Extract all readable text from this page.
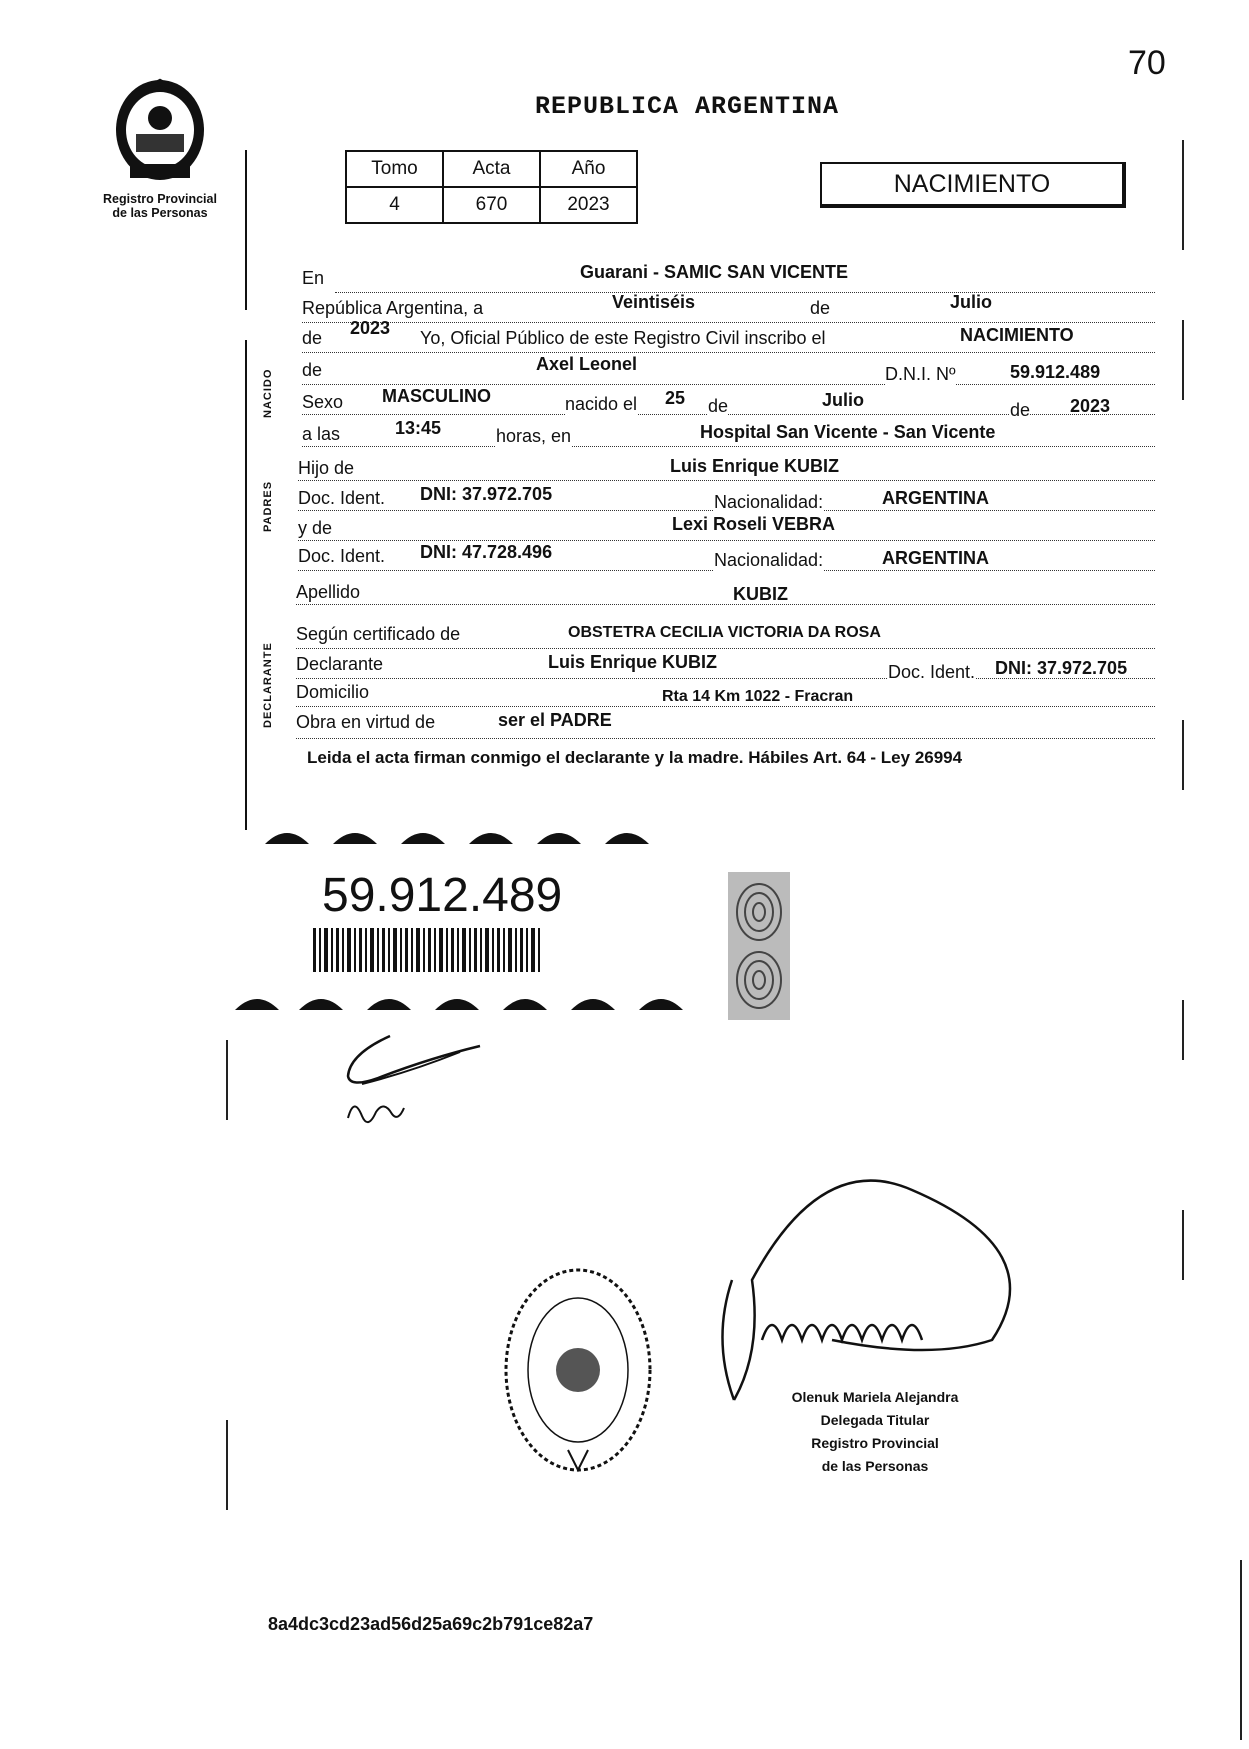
70
Registro Provincial
de las Personas
REPUBLICA ARGENTINA
Tomo	Acta	Año
4	670	2023
NACIMIENTO
En	Guarani - SAMIC SAN VICENTE
República Argentina, a	Veintiséis	de	Julio
de 2023 Yo, Oficial Público de este Registro Civil inscribo el	NACIMIENTO
NACIDO de	Axel Leonel	D.N.I. Nº	59.912.489
Sexo MASCULINO	nacido el 25 de	Julio	de 2023
a las	13:45	horas, en	Hospital San Vicente - San Vicente
PADRES
Hijo de	Luis Enrique KUBIZ
Doc. Ident. DNI: 37.972.705	Nacionalidad:	ARGENTINA
y de	Lexi Roseli VEBRA
Doc. Ident. DNI: 47.728.496	Nacionalidad:	ARGENTINA
Apellido	KUBIZ
DECLARANTE
Según certificado de	OBSTETRA CECILIA VICTORIA DA ROSA
Declarante	Luis Enrique KUBIZ	Doc. Ident. DNI: 37.972.705
Domicilio	Rta 14 Km 1022 - Fracran
Obra en virtud de	ser el PADRE
Leida el acta firman conmigo el declarante y la madre. Hábiles Art. 64 - Ley 26994
59.912.489
Olenuk Mariela Alejandra
Delegada Titular
Registro Provincial
de las Personas
8a4dc3cd23ad56d25a69c2b791ce82a7
